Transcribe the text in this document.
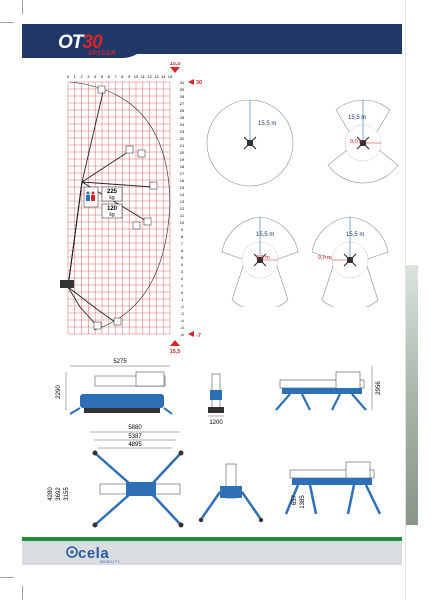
OT30
SPYDER
225
kg
120
kg
15,5
30
15,5
-7
0 1 2 3 4 5 6 7 8 9 10 11 12 13 14 15
31
29
28
27
26
25
24
23
22
21
20
19
18
17
16
15
14
13
12
11
10
9
8
7
6
5
4
3
2
1
0
-1
-2
-3
-4
-5
-6
15,5 m
15,5 m
9,0 m
15,5 m
9,0 m
15,5 m
9,0 m
5275
2290
1200
2956
5880
5387
4895
4280 3692 3155	657 1385
cela
MOBILITY
